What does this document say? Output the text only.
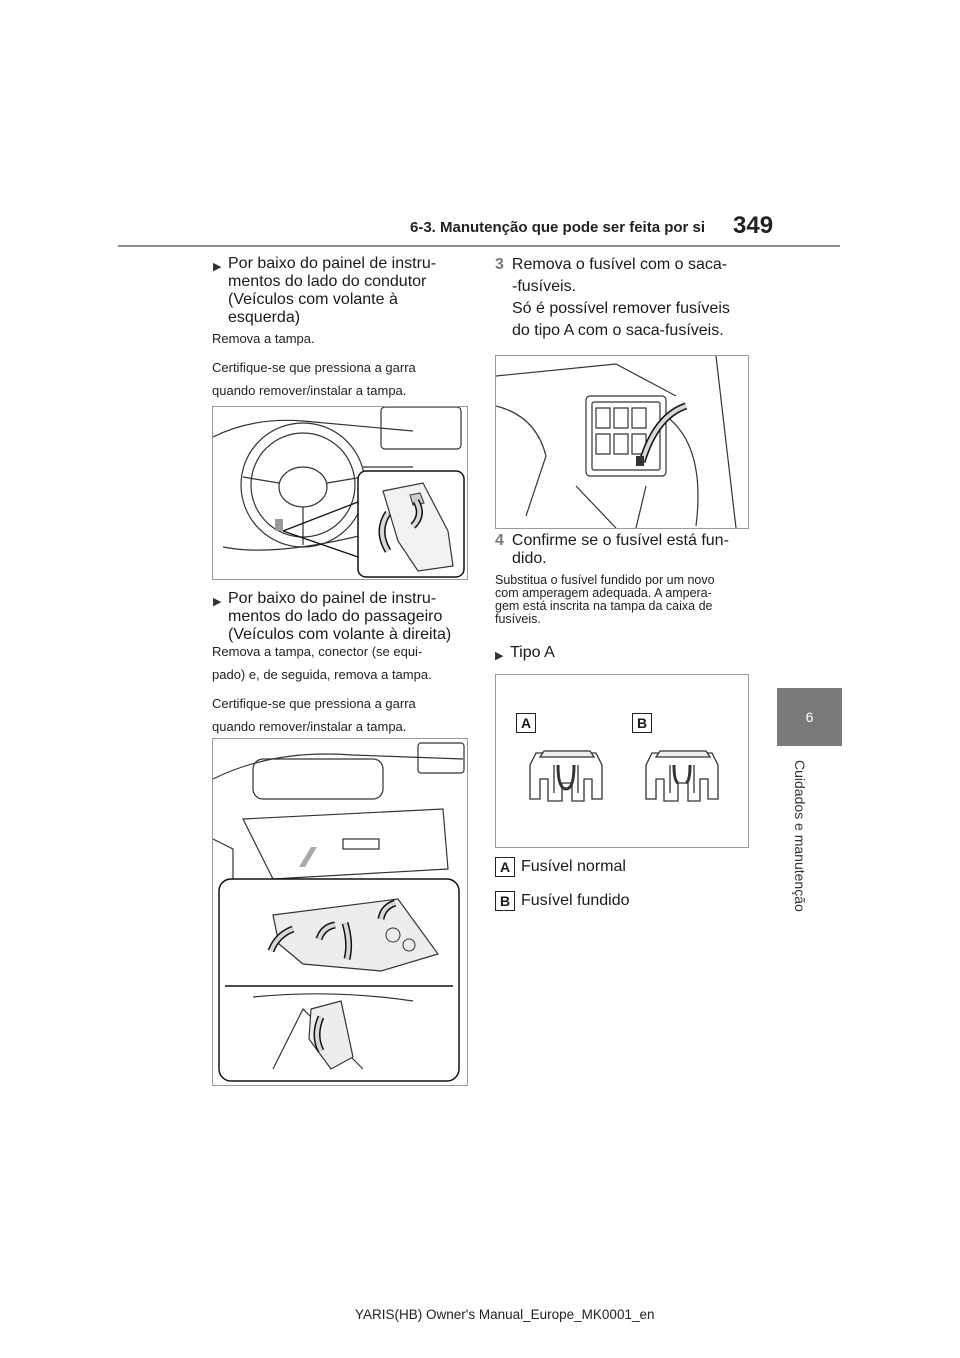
6-3. Manutenção que pode ser feita por si 349
6
Cuidados e manutenção
▶ Por baixo do painel de instru-
mentos do lado do condutor
(Veículos com volante à
esquerda)
Remova a tampa.
Certifique-se que pressiona a garra
quando remover/instalar a tampa.
▶ Por baixo do painel de instru-
mentos do lado do passageiro
(Veículos com volante à direita)
Remova a tampa, conector (se equi-
pado) e, de seguida, remova a tampa.
Certifique-se que pressiona a garra
quando remover/instalar a tampa.
3 Remova o fusível com o saca-
-fusíveis.
Só é possível remover fusíveis
do tipo A com o saca-fusíveis.
4 Confirme se o fusível está fun-
dido.
Substitua o fusível fundido por um novo
com amperagem adequada. A ampera-
gem está inscrita na tampa da caixa de
fusíveis.
▶ Tipo A
A	B
A Fusível normal
B Fusível fundido
YARIS(HB) Owner's Manual_Europe_MK0001_en
